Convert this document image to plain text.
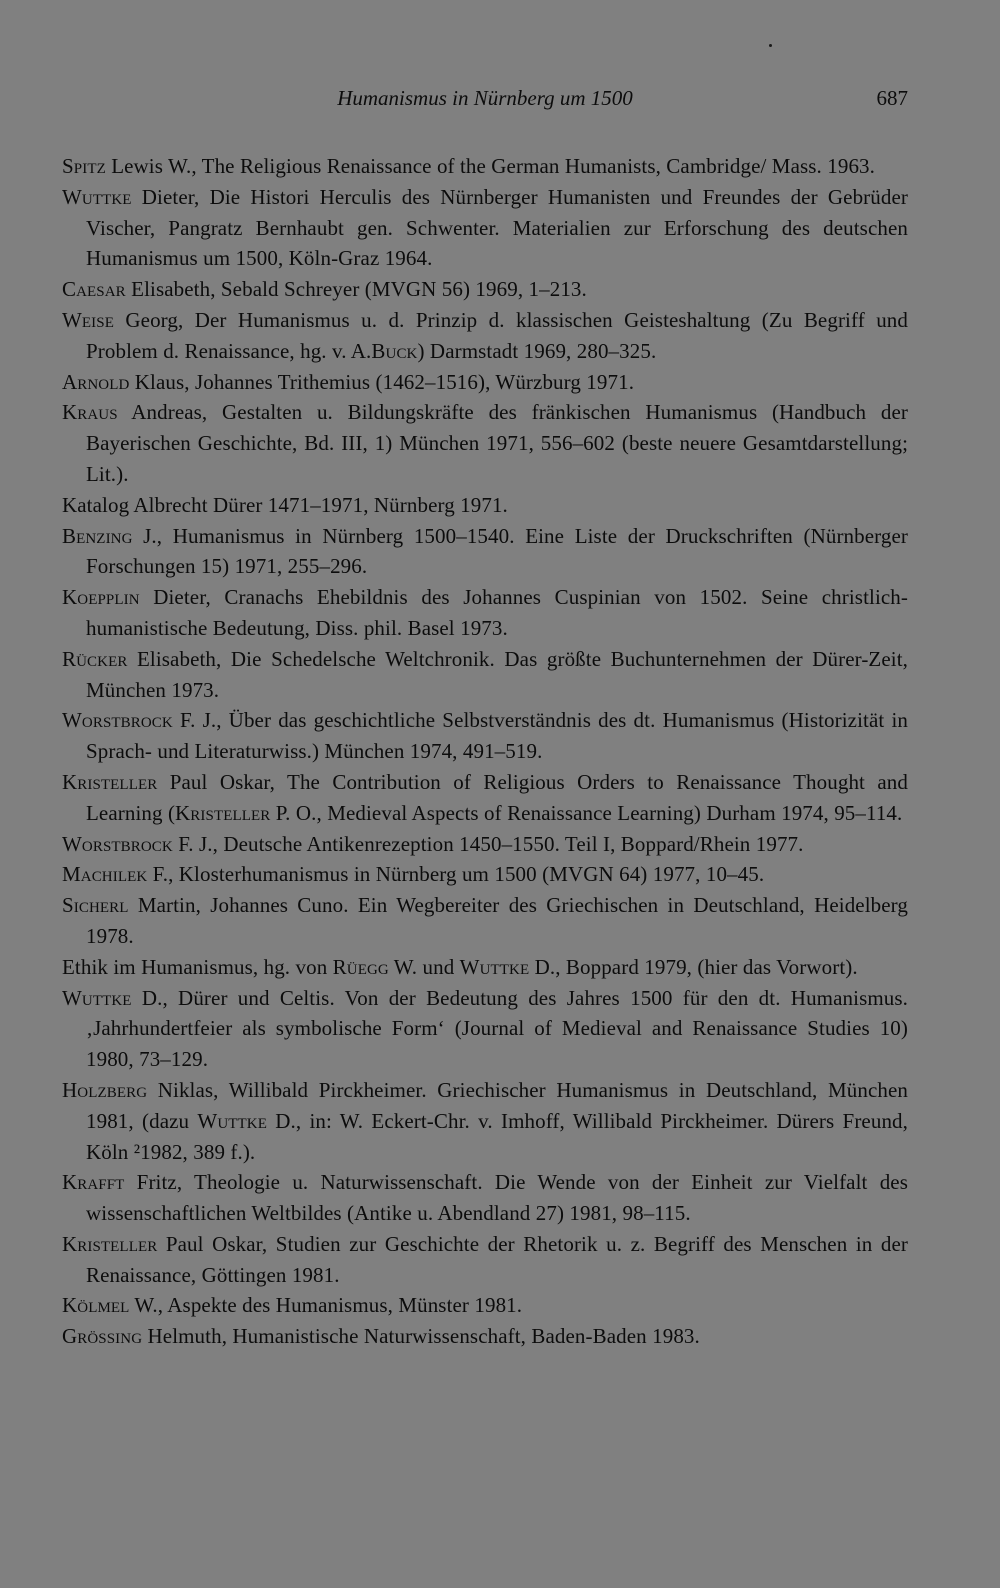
Humanismus in Nürnberg um 1500	687

Spitz Lewis W., The Religious Renaissance of the German Humanists, Cambridge/ Mass. 1963.

Wuttke Dieter, Die Histori Herculis des Nürnberger Humanisten und Freundes der Gebrüder Vischer, Pangratz Bernhaubt gen. Schwenter. Materialien zur Erforschung des deutschen Humanismus um 1500, Köln-Graz 1964.

Caesar Elisabeth, Sebald Schreyer (MVGN 56) 1969, 1–213.

Weise Georg, Der Humanismus u. d. Prinzip d. klassischen Geisteshaltung (Zu Begriff und Problem d. Renaissance, hg. v. A.Buck) Darmstadt 1969, 280–325.

Arnold Klaus, Johannes Trithemius (1462–1516), Würzburg 1971.

Kraus Andreas, Gestalten u. Bildungskräfte des fränkischen Humanismus (Handbuch der Bayerischen Geschichte, Bd. III, 1) München 1971, 556–602 (beste neuere Gesamtdarstellung; Lit.).

Katalog Albrecht Dürer 1471–1971, Nürnberg 1971.

Benzing J., Humanismus in Nürnberg 1500–1540. Eine Liste der Druckschriften (Nürnberger Forschungen 15) 1971, 255–296.

Koepplin Dieter, Cranachs Ehebildnis des Johannes Cuspinian von 1502. Seine christlich-humanistische Bedeutung, Diss. phil. Basel 1973.

Rücker Elisabeth, Die Schedelsche Weltchronik. Das größte Buchunternehmen der Dürer-Zeit, München 1973.

Worstbrock F. J., Über das geschichtliche Selbstverständnis des dt. Humanismus (Historizität in Sprach- und Literaturwiss.) München 1974, 491–519.

Kristeller Paul Oskar, The Contribution of Religious Orders to Renaissance Thought and Learning (Kristeller P. O., Medieval Aspects of Renaissance Learning) Durham 1974, 95–114.

Worstbrock F. J., Deutsche Antikenrezeption 1450–1550. Teil I, Boppard/Rhein 1977.

Machilek F., Klosterhumanismus in Nürnberg um 1500 (MVGN 64) 1977, 10–45.

Sicherl Martin, Johannes Cuno. Ein Wegbereiter des Griechischen in Deutschland, Heidelberg 1978.

Ethik im Humanismus, hg. von Rüegg W. und Wuttke D., Boppard 1979, (hier das Vorwort).

Wuttke D., Dürer und Celtis. Von der Bedeutung des Jahres 1500 für den dt. Humanismus. ‚Jahrhundertfeier als symbolische Form‘ (Journal of Medieval and Renaissance Studies 10) 1980, 73–129.

Holzberg Niklas, Willibald Pirckheimer. Griechischer Humanismus in Deutschland, München 1981, (dazu Wuttke D., in: W. Eckert-Chr. v. Imhoff, Willibald Pirckheimer. Dürers Freund, Köln ²1982, 389 f.).

Krafft Fritz, Theologie u. Naturwissenschaft. Die Wende von der Einheit zur Vielfalt des wissenschaftlichen Weltbildes (Antike u. Abendland 27) 1981, 98–115.

Kristeller Paul Oskar, Studien zur Geschichte der Rhetorik u. z. Begriff des Menschen in der Renaissance, Göttingen 1981.

Kölmel W., Aspekte des Humanismus, Münster 1981.

Grössing Helmuth, Humanistische Naturwissenschaft, Baden-Baden 1983.
